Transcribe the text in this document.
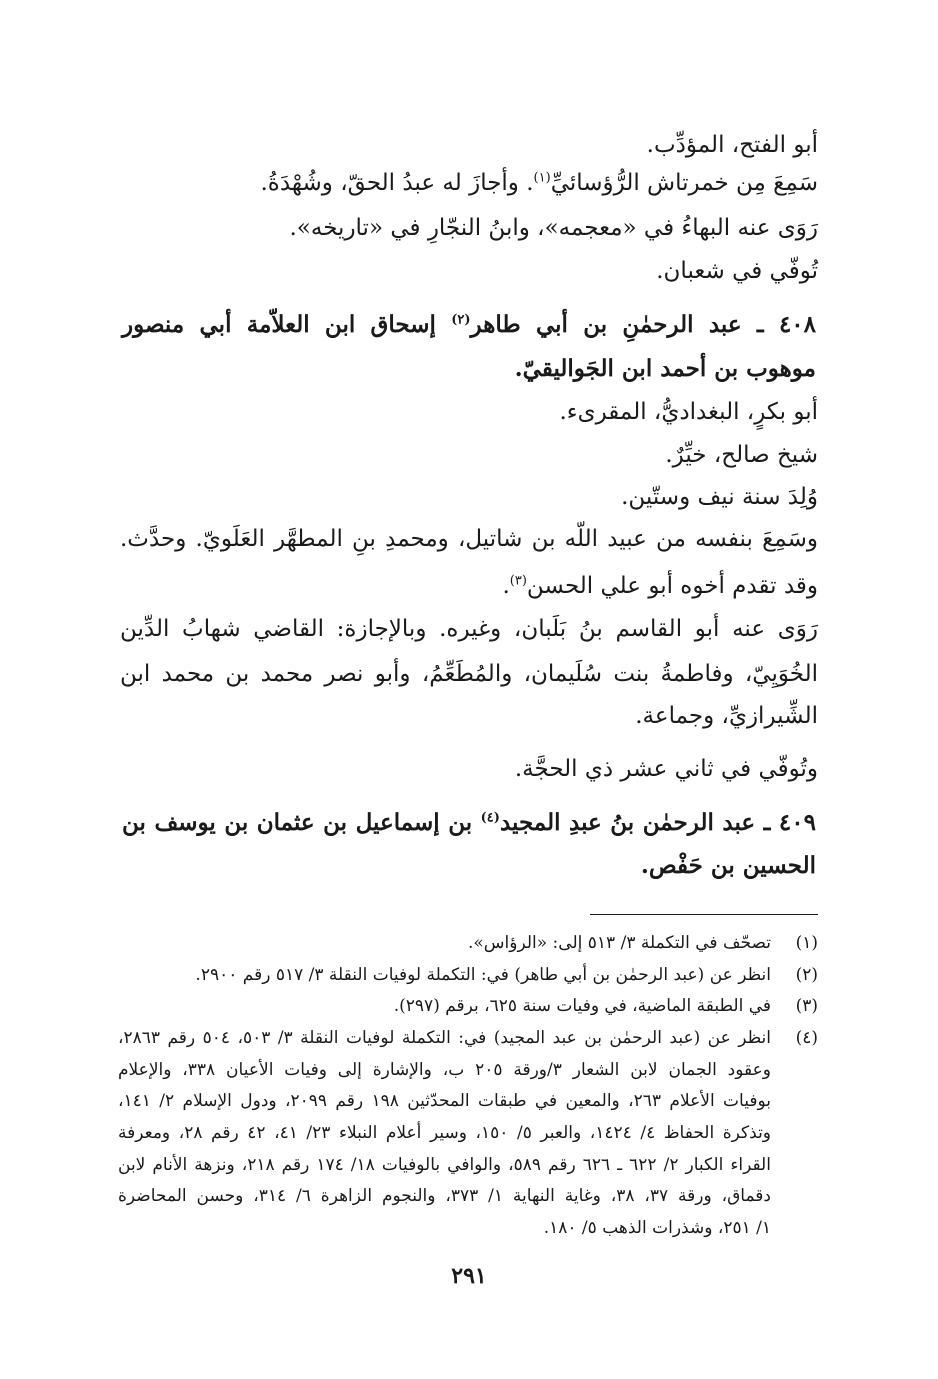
أبو الفتح، المؤدِّب.
سَمِعَ مِن خمرتاش الرُّؤسائيِّ$^{(١)}$. وأجازَ له عبدُ الحقّ، وشُهْدَةُ.
رَوَى عنه البهاءُ في «معجمه»، وابنُ النجّارِ في «تاريخه».
تُوفّي في شعبان.
٤٠٨ ـ عبد الرحمٰنِ بن أبي طاهر$^{(٢)}$ إسحاق ابن العلاّمة أبي منصور
موهوب بن أحمد ابن الجَواليقيّ.
أبو بكرٍ، البغداديُّ، المقرىء.
شيخ صالح، خيِّرٌ.
وُلِدَ سنة نيف وستّين.
وسَمِعَ بنفسه من عبيد اللّه بن شاتيل، ومحمدِ بنِ المطهَّر العَلَويّ. وحدَّث.
وقد تقدم أخوه أبو علي الحسن$^{(٣)}$.
رَوَى عنه أبو القاسم بنُ بَلَبان، وغيره. وبالإجازة: القاضي شهابُ الدِّين
الخُوَيِيّ، وفاطمةُ بنت سُلَيمان، والمُطَعِّمُ، وأبو نصر محمد بن محمد ابن
الشِّيرازيِّ، وجماعة.
وتُوفّي في ثاني عشر ذي الحجَّة.
٤٠٩ ـ عبد الرحمٰن بنُ عبدِ المجيد$^{(٤)}$ بن إسماعيل بن عثمان بن يوسف بن
الحسين بن حَفْص.
(١)
تصحّف في التكملة ٣/ ٥١٣ إلى: «الرؤاس».
(٢)
انظر عن (عبد الرحمٰن بن أبي طاهر) في: التكملة لوفيات النقلة ٣/ ٥١٧ رقم ٢٩٠٠.
(٣)
في الطبقة الماضية، في وفيات سنة ٦٢٥، برقم (٢٩٧).
(٤)
انظر عن (عبد الرحمٰن بن عبد المجيد) في: التكملة لوفيات النقلة ٣/ ٥٠٣، ٥٠٤ رقم ٢٨٦٣،
وعقود الجمان لابن الشعار ٣/ورقة ٢٠٥ ب، والإشارة إلى وفيات الأعيان ٣٣٨، والإعلام
بوفيات الأعلام ٢٦٣، والمعين في طبقات المحدّثين ١٩٨ رقم ٢٠٩٩، ودول الإسلام ٢/ ١٤١،
وتذكرة الحفاظ ٤/ ١٤٢٤، والعبر ٥/ ١٥٠، وسير أعلام النبلاء ٢٣/ ٤١، ٤٢ رقم ٢٨، ومعرفة
القراء الكبار ٢/ ٦٢٢ ـ ٦٢٦ رقم ٥٨٩، والوافي بالوفيات ١٨/ ١٧٤ رقم ٢١٨، ونزهة الأنام لابن
دقماق، ورقة ٣٧، ٣٨، وغاية النهاية ١/ ٣٧٣، والنجوم الزاهرة ٦/ ٣١٤، وحسن المحاضرة
١/ ٢٥١، وشذرات الذهب ٥/ ١٨٠.
٢٩١
